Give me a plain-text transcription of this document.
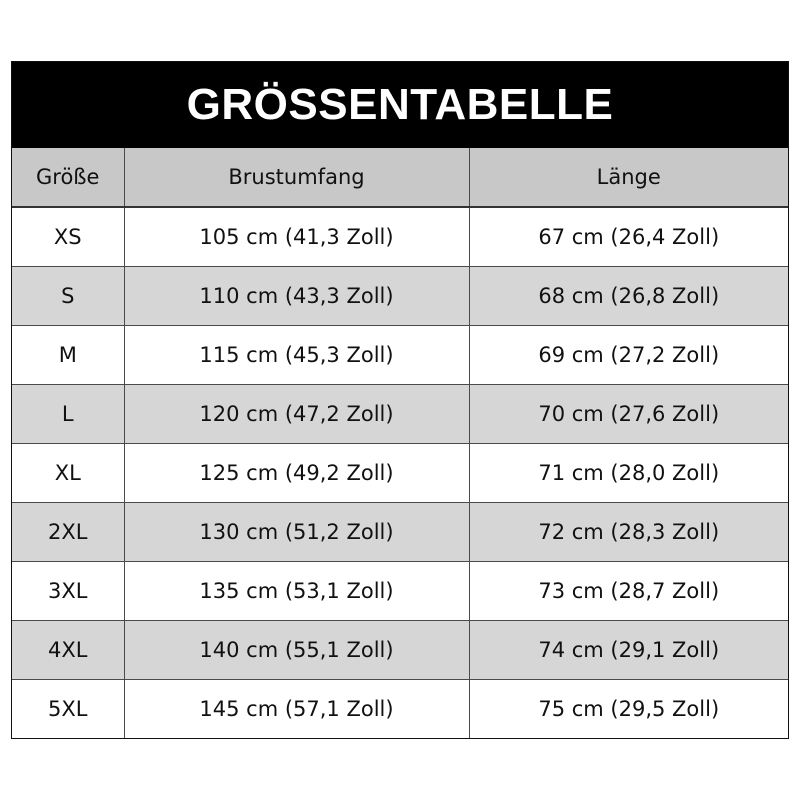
GRÖSSENTABELLE
Größe	Brustumfang	Länge
XS	105 cm (41,3 Zoll)	67 cm (26,4 Zoll)
S	110 cm (43,3 Zoll)	68 cm (26,8 Zoll)
M	115 cm (45,3 Zoll)	69 cm (27,2 Zoll)
L	120 cm (47,2 Zoll)	70 cm (27,6 Zoll)
XL	125 cm (49,2 Zoll)	71 cm (28,0 Zoll)
2XL	130 cm (51,2 Zoll)	72 cm (28,3 Zoll)
3XL	135 cm (53,1 Zoll)	73 cm (28,7 Zoll)
4XL	140 cm (55,1 Zoll)	74 cm (29,1 Zoll)
5XL	145 cm (57,1 Zoll)	75 cm (29,5 Zoll)
